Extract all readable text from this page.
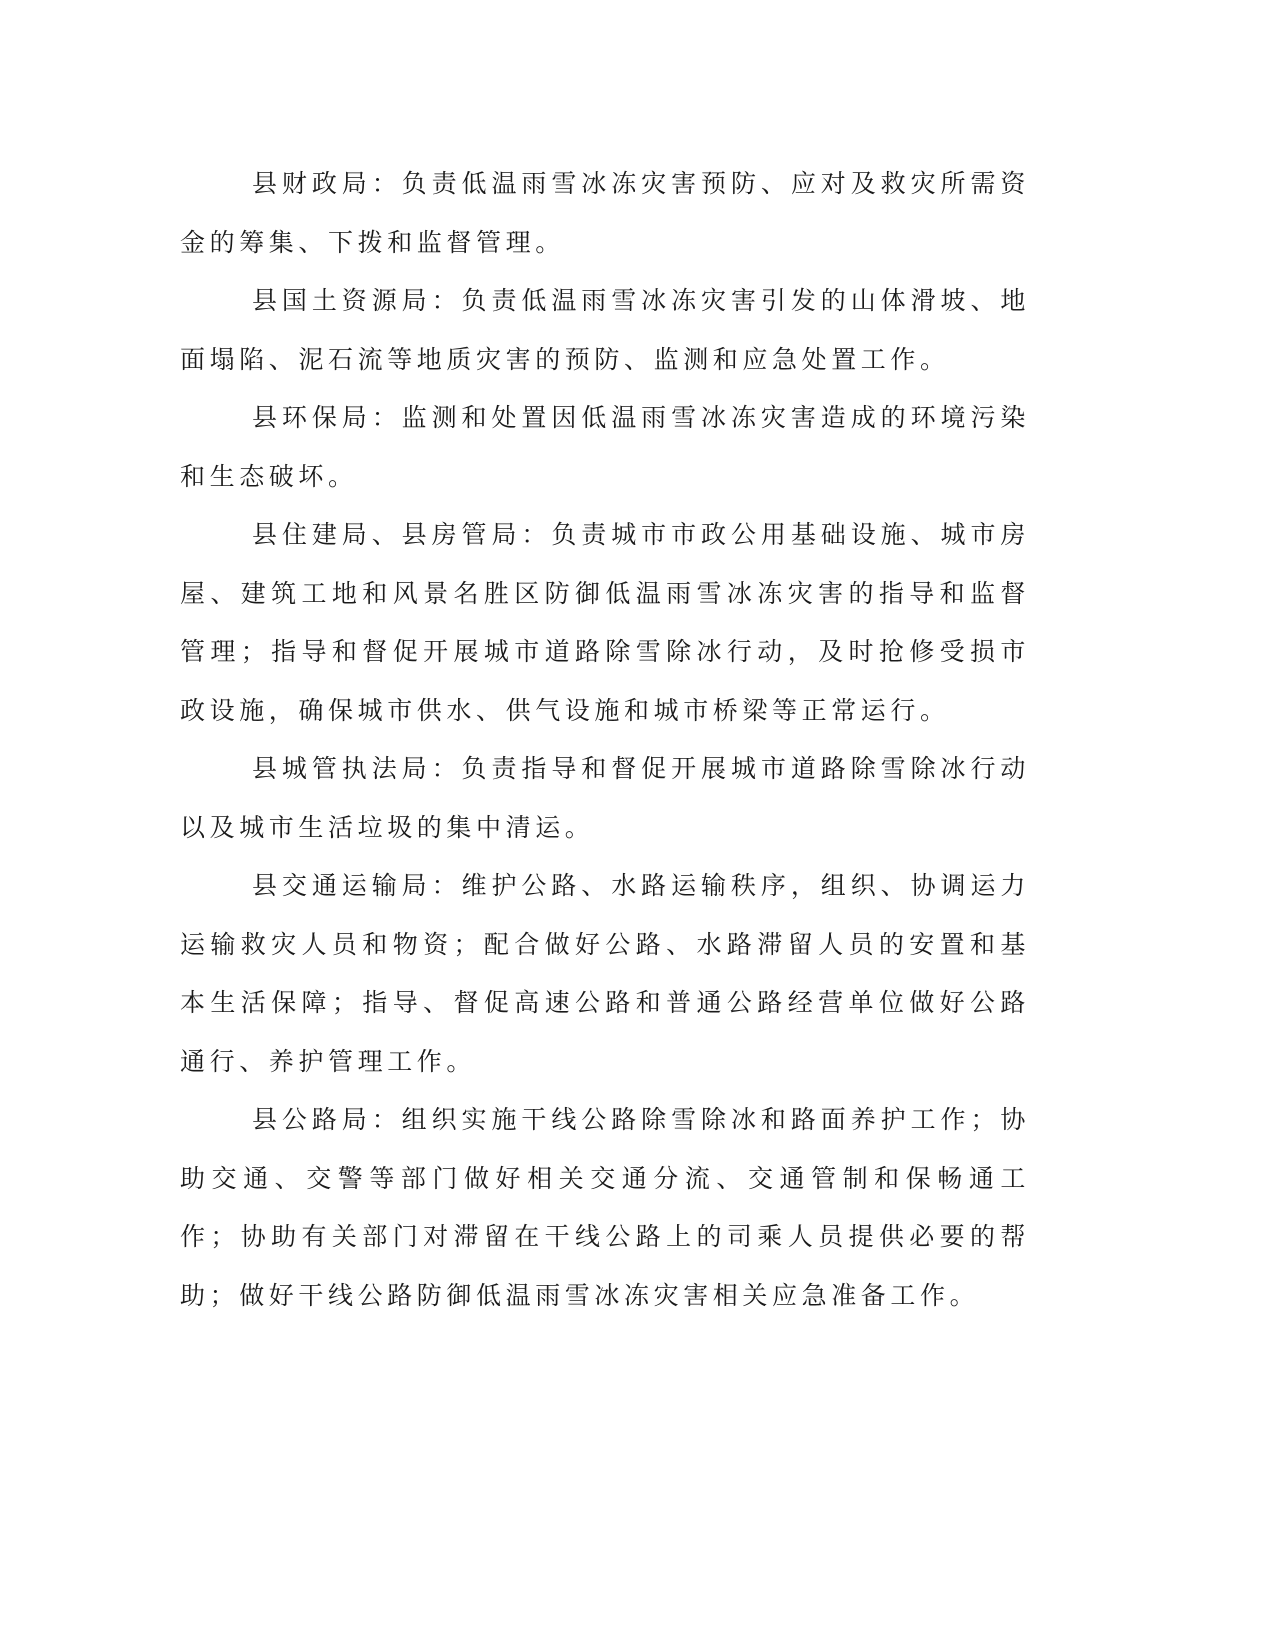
县财政局：负责低温雨雪冰冻灾害预防、应对及救灾所需资金的筹集、下拨和监督管理。

县国土资源局：负责低温雨雪冰冻灾害引发的山体滑坡、地面塌陷、泥石流等地质灾害的预防、监测和应急处置工作。

县环保局：监测和处置因低温雨雪冰冻灾害造成的环境污染和生态破坏。

县住建局、县房管局：负责城市市政公用基础设施、城市房屋、建筑工地和风景名胜区防御低温雨雪冰冻灾害的指导和监督管理；指导和督促开展城市道路除雪除冰行动，及时抢修受损市政设施，确保城市供水、供气设施和城市桥梁等正常运行。

县城管执法局：负责指导和督促开展城市道路除雪除冰行动以及城市生活垃圾的集中清运。

县交通运输局：维护公路、水路运输秩序，组织、协调运力运输救灾人员和物资；配合做好公路、水路滞留人员的安置和基本生活保障；指导、督促高速公路和普通公路经营单位做好公路通行、养护管理工作。

县公路局：组织实施干线公路除雪除冰和路面养护工作；协助交通、交警等部门做好相关交通分流、交通管制和保畅通工作；协助有关部门对滞留在干线公路上的司乘人员提供必要的帮助；做好干线公路防御低温雨雪冰冻灾害相关应急准备工作。
